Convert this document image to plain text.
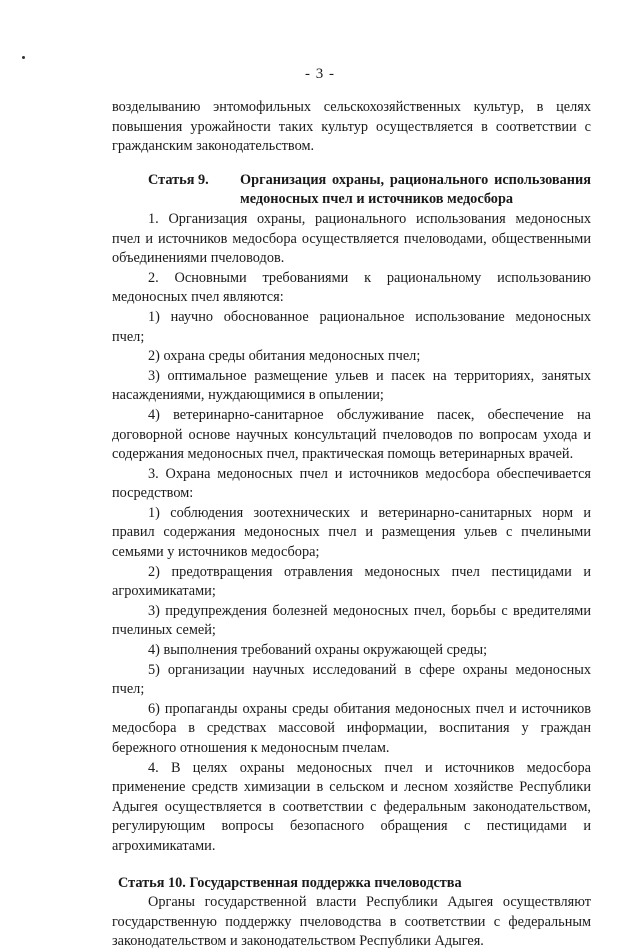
- 3 -

возделыванию энтомофильных сельскохозяйственных культур, в целях повышения урожайности таких культур осуществляется в соответствии с гражданским законодательством.

Статья 9.	Организация охраны, рационального использования медоносных пчел и источников медосбора

1. Организация охраны, рационального использования медоносных пчел и источников медосбора осуществляется пчеловодами, общественными объединениями пчеловодов.

2. Основными требованиями к рациональному использованию медоносных пчел являются:

1) научно обоснованное рациональное использование медоносных пчел;

2) охрана среды обитания медоносных пчел;

3) оптимальное размещение ульев и пасек на территориях, занятых насаждениями, нуждающимися в опылении;

4) ветеринарно-санитарное обслуживание пасек, обеспечение на договорной основе научных консультаций пчеловодов по вопросам ухода и содержания медоносных пчел, практическая помощь ветеринарных врачей.

3. Охрана медоносных пчел и источников медосбора обеспечивается посредством:

1) соблюдения зоотехнических и ветеринарно-санитарных норм и правил содержания медоносных пчел и размещения ульев с пчелиными семьями у источников медосбора;

2) предотвращения отравления медоносных пчел пестицидами и агрохимикатами;

3) предупреждения болезней медоносных пчел, борьбы с вредителями пчелиных семей;

4) выполнения требований охраны окружающей среды;

5) организации научных исследований в сфере охраны медоносных пчел;

6) пропаганды охраны среды обитания медоносных пчел и источников медосбора в средствах массовой информации, воспитания у граждан бережного отношения к медоносным пчелам.

4. В целях охраны медоносных пчел и источников медосбора применение средств химизации в сельском и лесном хозяйстве Республики Адыгея осуществляется в соответствии с федеральным законодательством, регулирующим вопросы безопасного обращения с пестицидами и агрохимикатами.

Статья 10. Государственная поддержка пчеловодства

Органы государственной власти Республики Адыгея осуществляют государственную поддержку пчеловодства в соответствии с федеральным законодательством и законодательством Республики Адыгея.
